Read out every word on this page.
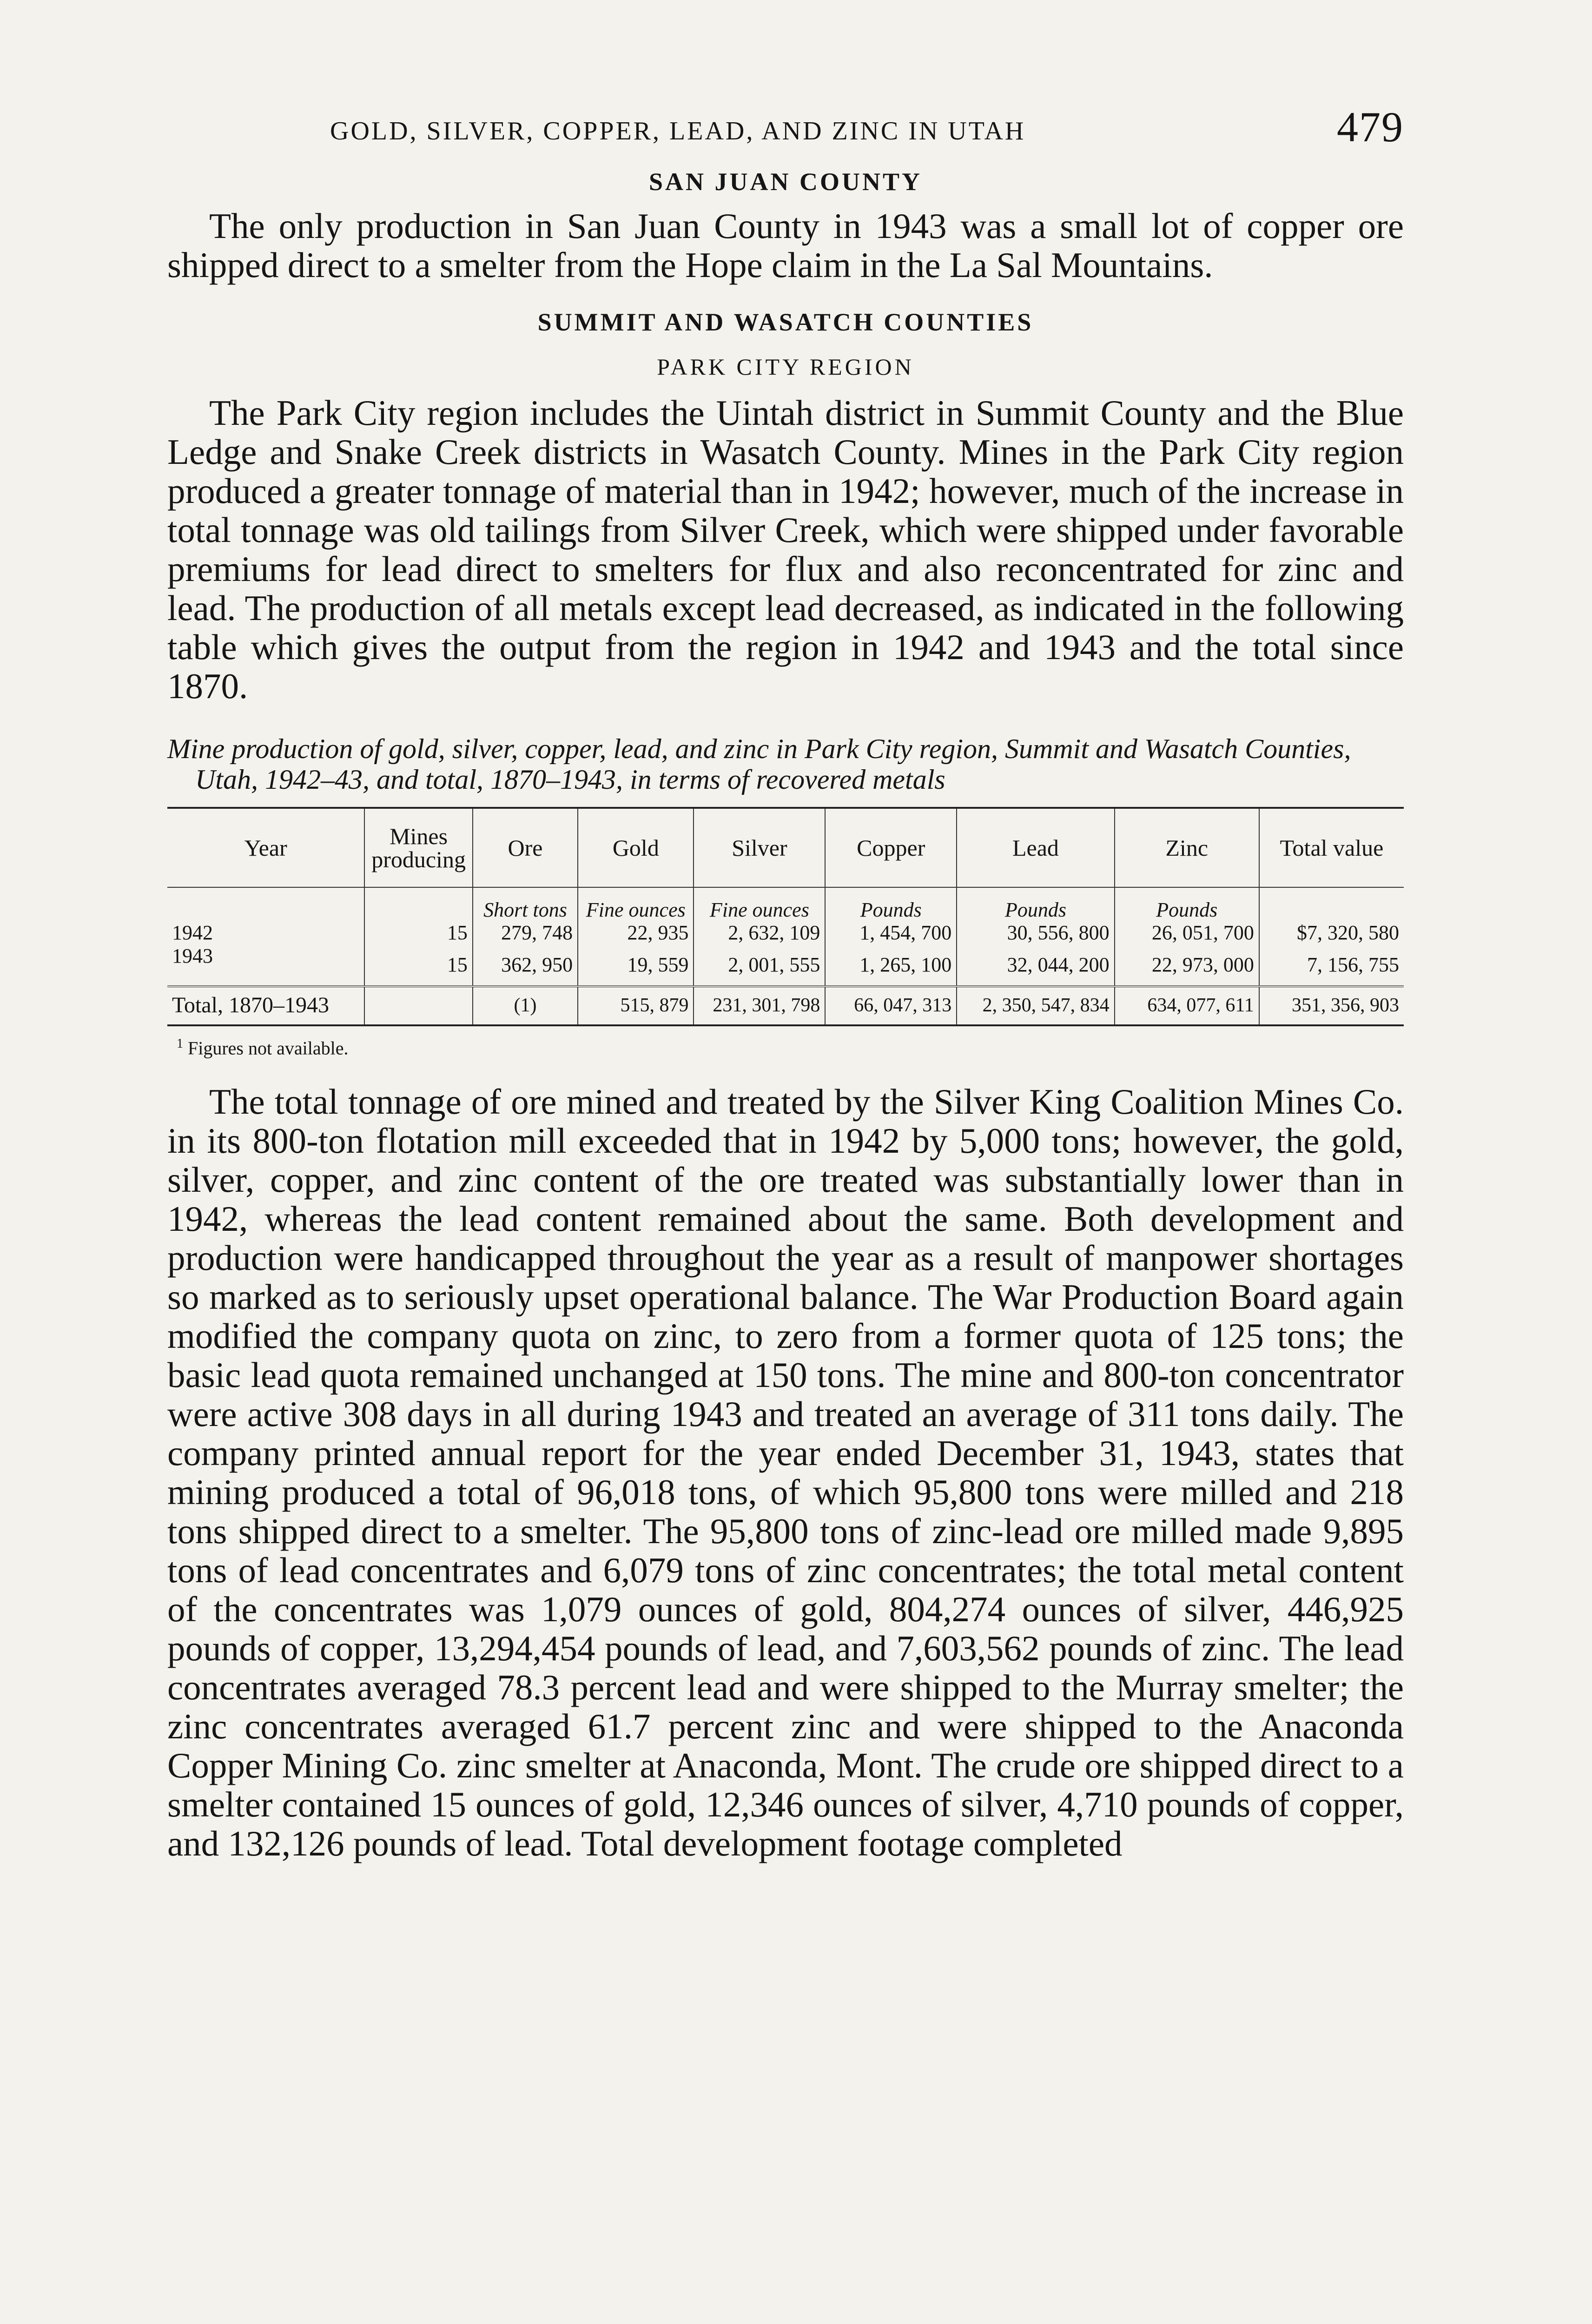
GOLD, SILVER, COPPER, LEAD, AND ZINC IN UTAH	479
SAN JUAN COUNTY

The only production in San Juan County in 1943 was a small lot of copper ore shipped direct to a smelter from the Hope claim in the La Sal Mountains.

SUMMIT AND WASATCH COUNTIES
PARK CITY REGION

The Park City region includes the Uintah district in Summit County and the Blue Ledge and Snake Creek districts in Wasatch County. Mines in the Park City region produced a greater tonnage of material than in 1942; however, much of the increase in total tonnage was old tailings from Silver Creek, which were shipped under favorable premiums for lead direct to smelters for flux and also reconcentrated for zinc and lead. The production of all metals except lead decreased, as indicated in the following table which gives the output from the region in 1942 and 1943 and the total since 1870.

Mine production of gold, silver, copper, lead, and zinc in Park City region, Summit and Wasatch Counties, Utah, 1942–43, and total, 1870–1943, in terms of recovered metals
Year	Mines producing	Ore	Gold	Silver	Copper	Lead	Zinc	Total value
		Short tons	Fine ounces	Fine ounces	Pounds	Pounds	Pounds	
1942	15	279, 748	22, 935	2, 632, 109	1, 454, 700	30, 556, 800	26, 051, 700	$7, 320, 580
1943	15	362, 950	19, 559	2, 001, 555	1, 265, 100	32, 044, 200	22, 973, 000	7, 156, 755
Total, 1870–1943		(1)	515, 879	231, 301, 798	66, 047, 313	2, 350, 547, 834	634, 077, 611	351, 356, 903
$^1$ Figures not available.

The total tonnage of ore mined and treated by the Silver King Coalition Mines Co. in its 800-ton flotation mill exceeded that in 1942 by 5,000 tons; however, the gold, silver, copper, and zinc content of the ore treated was substantially lower than in 1942, whereas the lead content remained about the same. Both development and production were handicapped throughout the year as a result of manpower shortages so marked as to seriously upset operational balance. The War Production Board again modified the company quota on zinc, to zero from a former quota of 125 tons; the basic lead quota remained unchanged at 150 tons. The mine and 800-ton concentrator were active 308 days in all during 1943 and treated an average of 311 tons daily. The company printed annual report for the year ended December 31, 1943, states that mining produced a total of 96,018 tons, of which 95,800 tons were milled and 218 tons shipped direct to a smelter. The 95,800 tons of zinc-lead ore milled made 9,895 tons of lead concentrates and 6,079 tons of zinc concentrates; the total metal content of the concentrates was 1,079 ounces of gold, 804,274 ounces of silver, 446,925 pounds of copper, 13,294,454 pounds of lead, and 7,603,562 pounds of zinc. The lead concentrates averaged 78.3 percent lead and were shipped to the Murray smelter; the zinc concentrates averaged 61.7 percent zinc and were shipped to the Anaconda Copper Mining Co. zinc smelter at Anaconda, Mont. The crude ore shipped direct to a smelter contained 15 ounces of gold, 12,346 ounces of silver, 4,710 pounds of copper, and 132,126 pounds of lead. Total development footage completed
